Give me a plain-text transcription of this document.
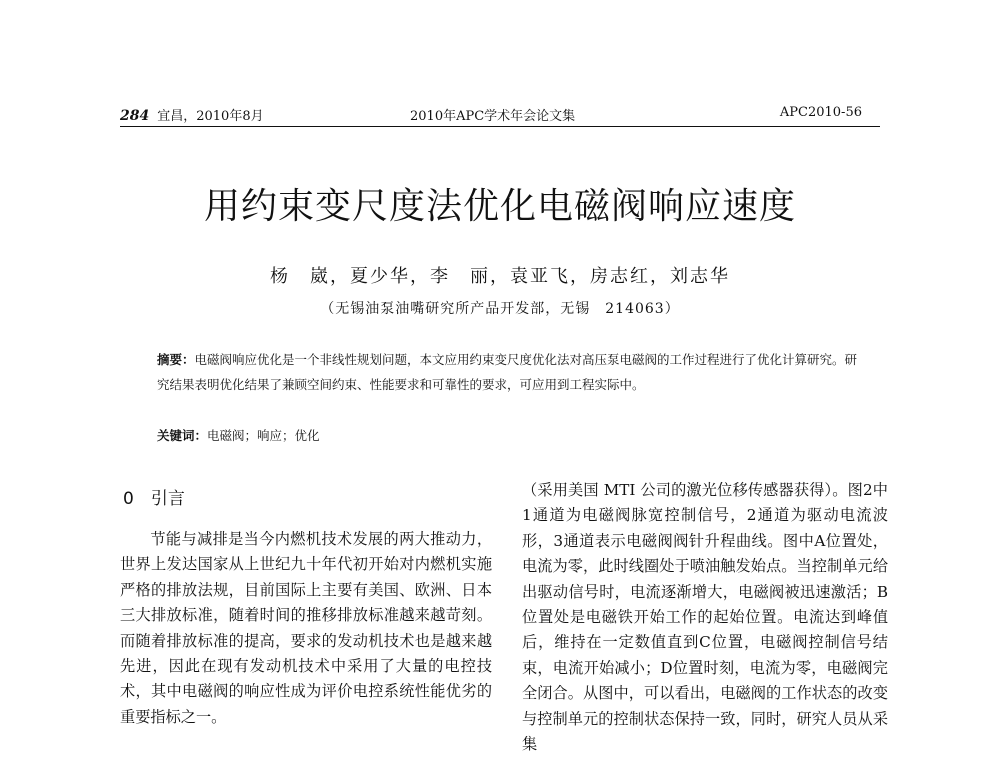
284 宜昌，2010年8月	2010年APC学术年会论文集	APC2010-56
用约束变尺度法优化电磁阀响应速度
杨　崴，夏少华，李　丽，袁亚飞，房志红，刘志华
（无锡油泵油嘴研究所产品开发部，无锡　214063）
摘要：电磁阀响应优化是一个非线性规划问题，本文应用约束变尺度优化法对高压泵电磁阀的工作过程进行了优化计算研究。研究结果表明优化结果了兼顾空间约束、性能要求和可靠性的要求，可应用到工程实际中。
关键词：电磁阀；响应；优化
0　引言

节能与减排是当今内燃机技术发展的两大推动力，世界上发达国家从上世纪九十年代初开始对内燃机实施严格的排放法规，目前国际上主要有美国、欧洲、日本三大排放标准，随着时间的推移排放标准越来越苛刻。而随着排放标准的提高，要求的发动机技术也是越来越先进，因此在现有发动机技术中采用了大量的电控技术，其中电磁阀的响应性成为评价电控系统性能优劣的重要指标之一。

（采用美国 MTI 公司的激光位移传感器获得）。图2中1通道为电磁阀脉宽控制信号，2通道为驱动电流波形，3通道表示电磁阀阀针升程曲线。图中A位置处，电流为零，此时线圈处于喷油触发始点。当控制单元给出驱动信号时，电流逐渐增大，电磁阀被迅速激活；B位置处是电磁铁开始工作的起始位置。电流达到峰值后，维持在一定数值直到C位置，电磁阀控制信号结束，电流开始减小；D位置时刻，电流为零，电磁阀完全闭合。从图中，可以看出，电磁阀的工作状态的改变与控制单元的控制状态保持一致，同时，研究人员从采集
